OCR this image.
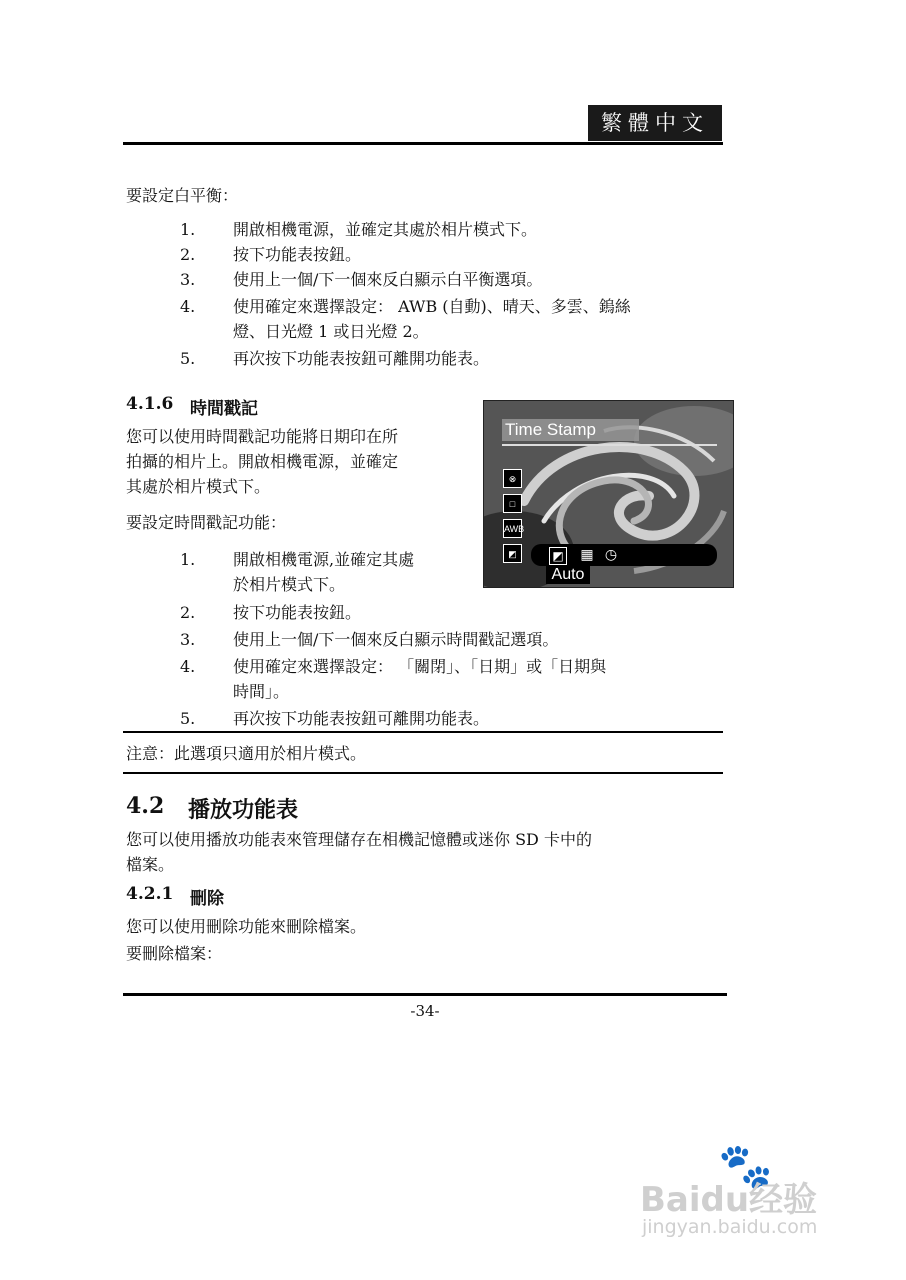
繁體中文
要設定白平衡：
1. 開啟相機電源，並確定其處於相片模式下。
2. 按下功能表按鈕。
3. 使用上一個/下一個來反白顯示白平衡選項。
4. 使用確定來選擇設定： AWB (自動)、晴天、多雲、鎢絲
燈、日光燈 1 或日光燈 2。
5. 再次按下功能表按鈕可離開功能表。
4.1.6 時間戳記
您可以使用時間戳記功能將日期印在所
拍攝的相片上。開啟相機電源，並確定
其處於相片模式下。
要設定時間戳記功能：
1. 開啟相機電源,並確定其處
於相片模式下。
2. 按下功能表按鈕。
3. 使用上一個/下一個來反白顯示時間戳記選項。
4. 使用確定來選擇設定： 「關閉」、「日期」或「日期與
時間」。
5. 再次按下功能表按鈕可離開功能表。
注意：此選項只適用於相片模式。
Time Stamp
⊗
□
AWB
◩	◩ ▦ ◷
Auto
4.2 播放功能表
您可以使用播放功能表來管理儲存在相機記憶體或迷你 SD 卡中的
檔案。
4.2.1 刪除
您可以使用刪除功能來刪除檔案。
要刪除檔案：
-34-
🐾
Baidu经验
jingyan.baidu.com
